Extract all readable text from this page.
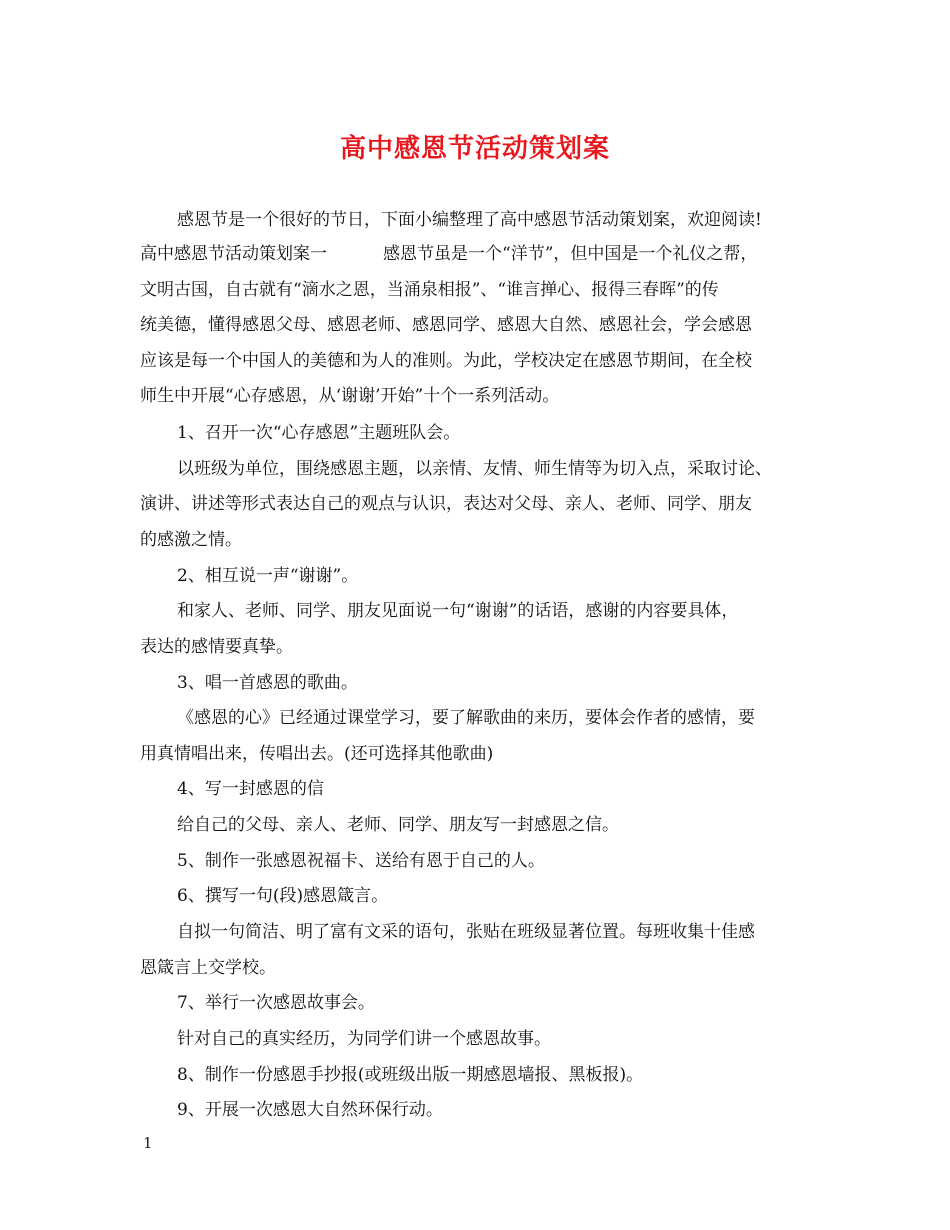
高中感恩节活动策划案
感恩节是一个很好的节日，下面小编整理了高中感恩节活动策划案，欢迎阅读!
高中感恩节活动策划案一	感恩节虽是一个“洋节”，但中国是一个礼仪之帮，
文明古国，自古就有“滴水之恩，当涌泉相报”、“谁言掸心、报得三春晖”的传
统美德，懂得感恩父母、感恩老师、感恩同学、感恩大自然、感恩社会，学会感恩
应该是每一个中国人的美德和为人的准则。为此，学校决定在感恩节期间，在全校
师生中开展“心存感恩，从‘谢谢’开始”十个一系列活动。
1、召开一次“心存感恩”主题班队会。
以班级为单位，围绕感恩主题，以亲情、友情、师生情等为切入点，采取讨论、
演讲、讲述等形式表达自己的观点与认识，表达对父母、亲人、老师、同学、朋友
的感激之情。
2、相互说一声“谢谢”。
和家人、老师、同学、朋友见面说一句“谢谢”的话语，感谢的内容要具体，
表达的感情要真挚。
3、唱一首感恩的歌曲。
《感恩的心》已经通过课堂学习，要了解歌曲的来历，要体会作者的感情，要
用真情唱出来，传唱出去。(还可选择其他歌曲)
4、写一封感恩的信
给自己的父母、亲人、老师、同学、朋友写一封感恩之信。
5、制作一张感恩祝福卡、送给有恩于自己的人。
6、撰写一句(段)感恩箴言。
自拟一句简洁、明了富有文采的语句，张贴在班级显著位置。每班收集十佳感
恩箴言上交学校。
7、举行一次感恩故事会。
针对自己的真实经历，为同学们讲一个感恩故事。
8、制作一份感恩手抄报(或班级出版一期感恩墙报、黑板报)。
9、开展一次感恩大自然环保行动。
1
